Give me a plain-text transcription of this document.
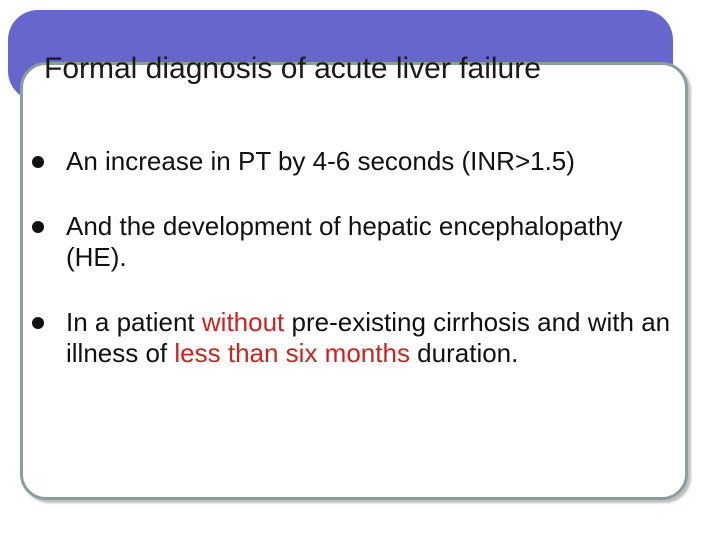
Formal diagnosis of acute liver failure
An increase in PT by 4-6 seconds (INR>1.5)
And the development of hepatic encephalopathy (HE).
In a patient without pre-existing cirrhosis and with an illness of less than six months duration.
